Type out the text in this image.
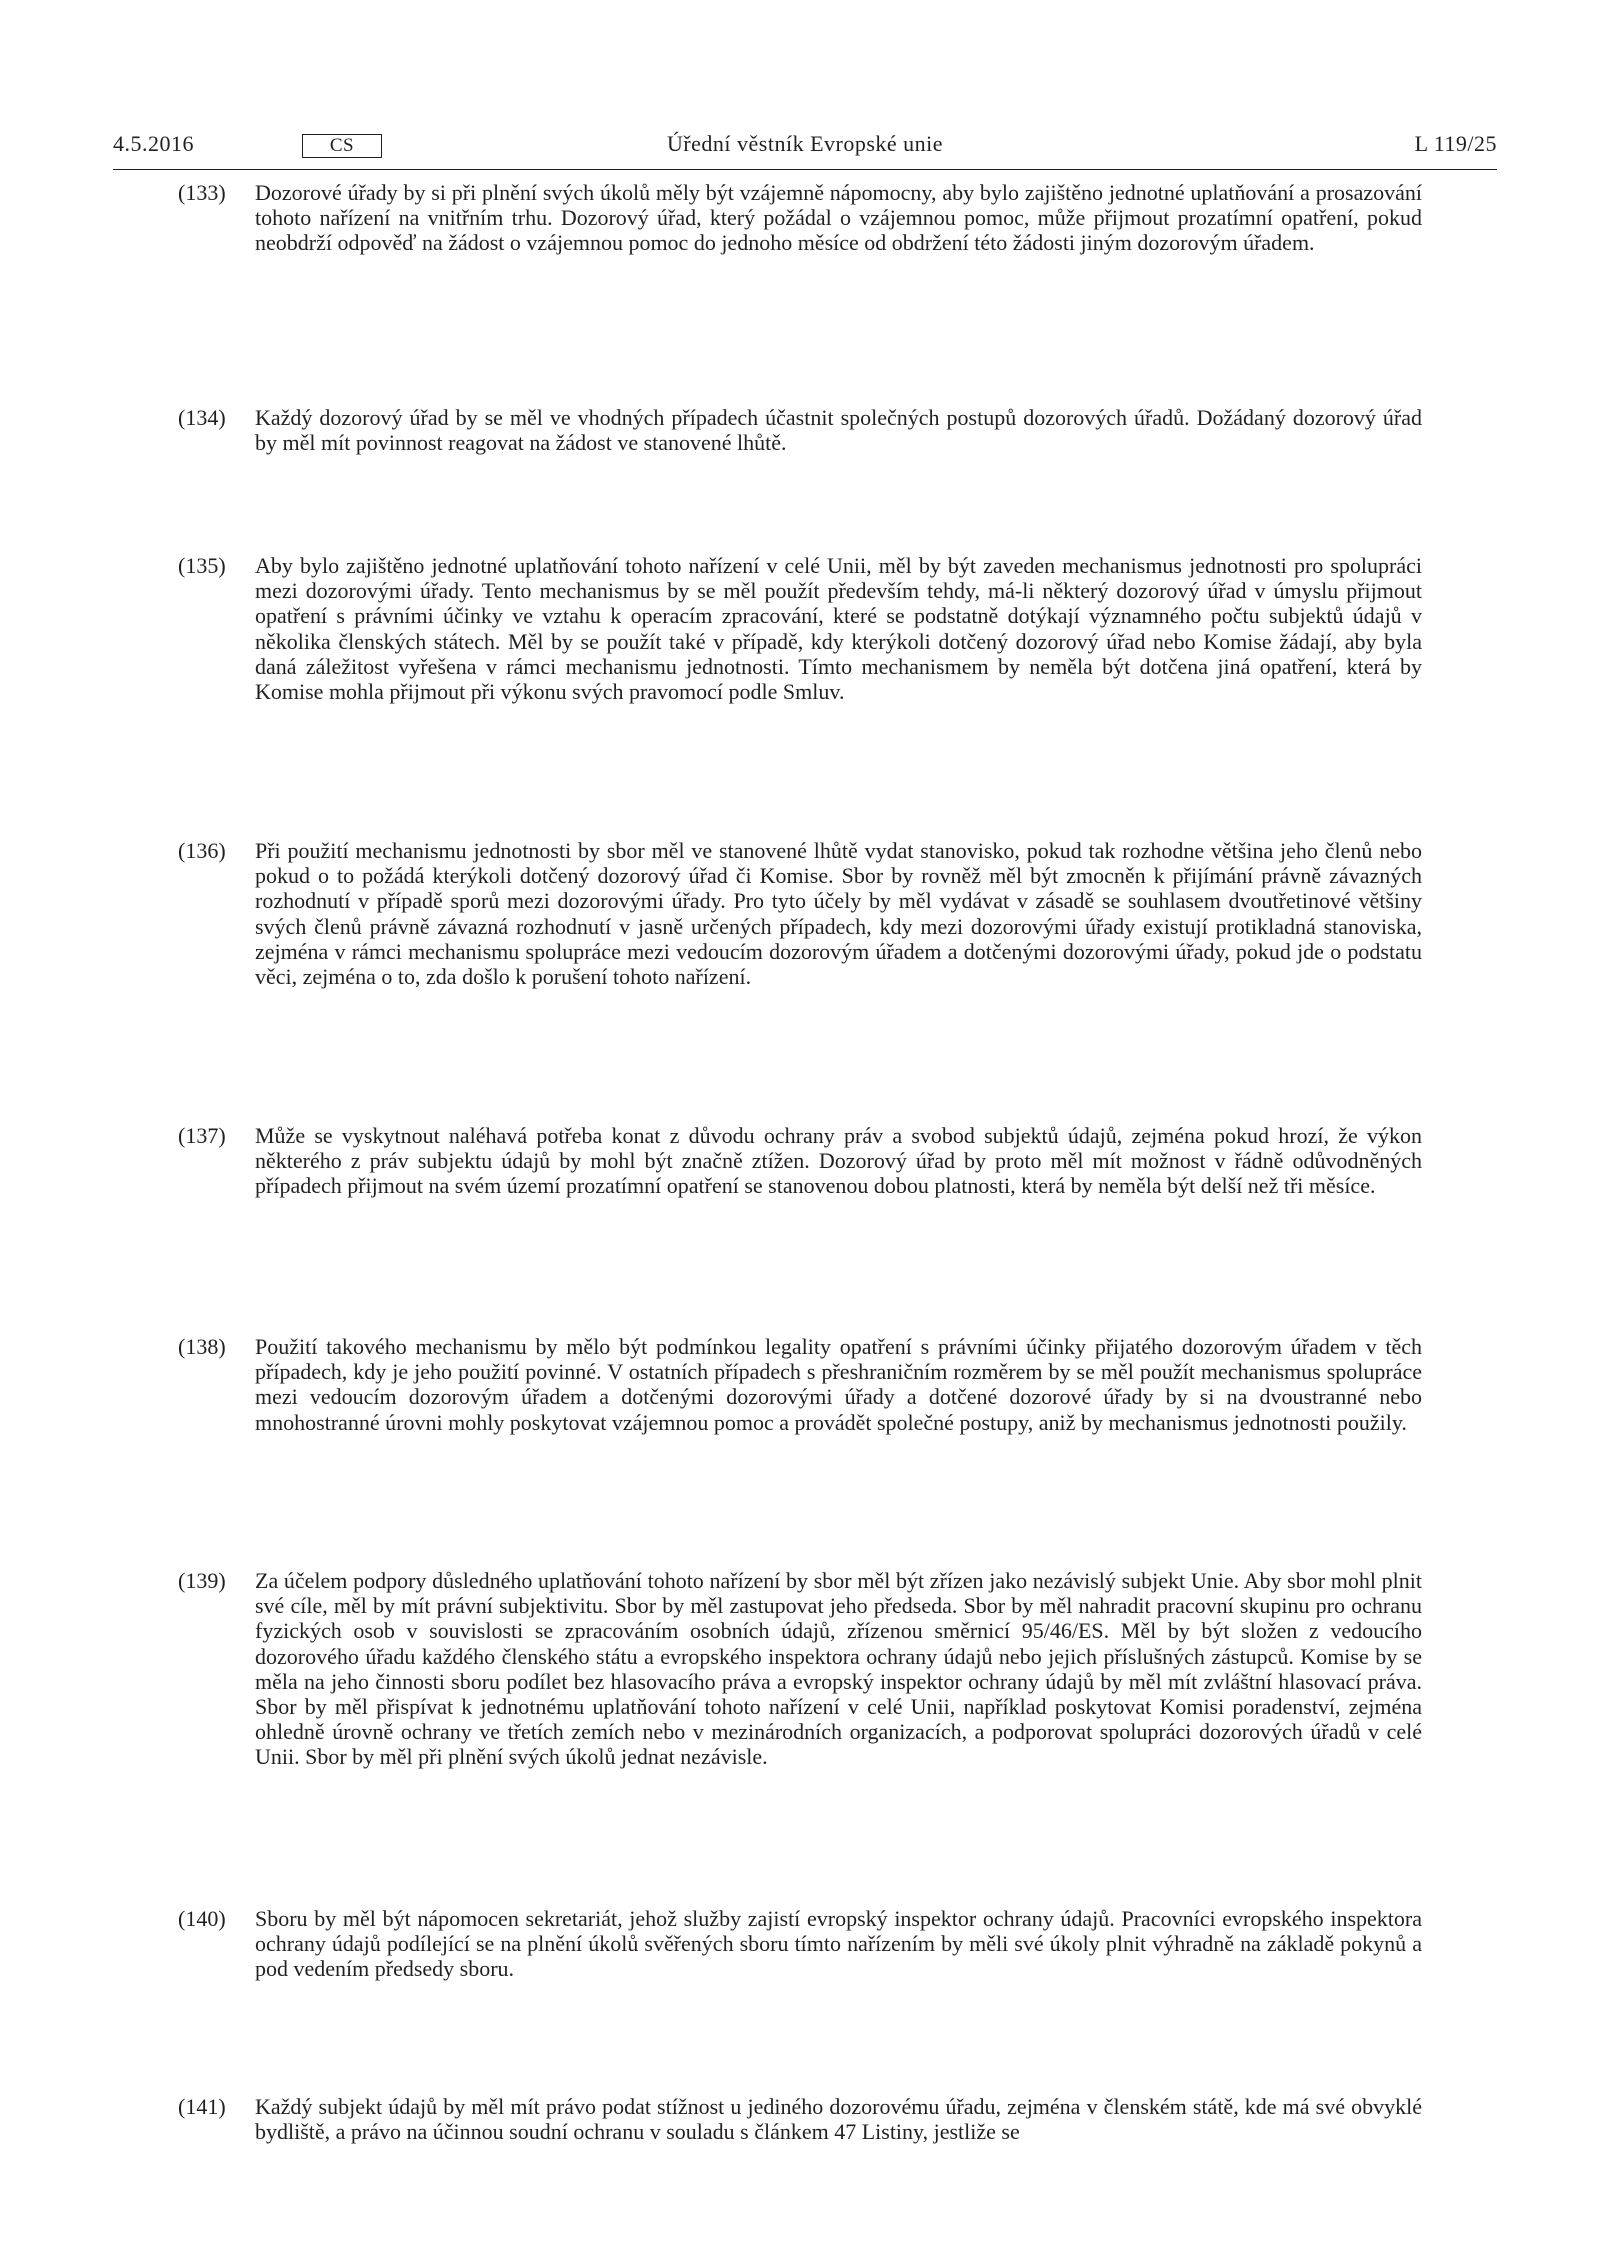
4.5.2016	Úřední věstník Evropské unie
CS	L 119/25
(133) Dozorové úřady by si při plnění svých úkolů měly být vzájemně nápomocny, aby bylo zajištěno jednotné uplatňování a prosazování tohoto nařízení na vnitřním trhu. Dozorový úřad, který požádal o vzájemnou pomoc, může přijmout prozatímní opatření, pokud neobdrží odpověď na žádost o vzájemnou pomoc do jednoho měsíce od obdržení této žádosti jiným dozorovým úřadem.
(134) Každý dozorový úřad by se měl ve vhodných případech účastnit společných postupů dozorových úřadů. Dožádaný dozorový úřad by měl mít povinnost reagovat na žádost ve stanovené lhůtě.
(135) Aby bylo zajištěno jednotné uplatňování tohoto nařízení v celé Unii, měl by být zaveden mechanismus jednotnosti pro spolupráci mezi dozorovými úřady. Tento mechanismus by se měl použít především tehdy, má-li některý dozorový úřad v úmyslu přijmout opatření s právními účinky ve vztahu k operacím zpracování, které se podstatně dotýkají významného počtu subjektů údajů v několika členských státech. Měl by se použít také v případě, kdy kterýkoli dotčený dozorový úřad nebo Komise žádají, aby byla daná záležitost vyřešena v rámci mechanismu jednotnosti. Tímto mechanismem by neměla být dotčena jiná opatření, která by Komise mohla přijmout při výkonu svých pravomocí podle Smluv.
(136) Při použití mechanismu jednotnosti by sbor měl ve stanovené lhůtě vydat stanovisko, pokud tak rozhodne většina jeho členů nebo pokud o to požádá kterýkoli dotčený dozorový úřad či Komise. Sbor by rovněž měl být zmocněn k přijímání právně závazných rozhodnutí v případě sporů mezi dozorovými úřady. Pro tyto účely by měl vydávat v zásadě se souhlasem dvoutřetinové většiny svých členů právně závazná rozhodnutí v jasně určených případech, kdy mezi dozorovými úřady existují protikladná stanoviska, zejména v rámci mechanismu spolupráce mezi vedoucím dozorovým úřadem a dotčenými dozorovými úřady, pokud jde o podstatu věci, zejména o to, zda došlo k porušení tohoto nařízení.
(137) Může se vyskytnout naléhavá potřeba konat z důvodu ochrany práv a svobod subjektů údajů, zejména pokud hrozí, že výkon některého z práv subjektu údajů by mohl být značně ztížen. Dozorový úřad by proto měl mít možnost v řádně odůvodněných případech přijmout na svém území prozatímní opatření se stanovenou dobou platnosti, která by neměla být delší než tři měsíce.
(138) Použití takového mechanismu by mělo být podmínkou legality opatření s právními účinky přijatého dozorovým úřadem v těch případech, kdy je jeho použití povinné. V ostatních případech s přeshraničním rozměrem by se měl použít mechanismus spolupráce mezi vedoucím dozorovým úřadem a dotčenými dozorovými úřady a dotčené dozorové úřady by si na dvoustranné nebo mnohostranné úrovni mohly poskytovat vzájemnou pomoc a provádět společné postupy, aniž by mechanismus jednotnosti použily.
(139) Za účelem podpory důsledného uplatňování tohoto nařízení by sbor měl být zřízen jako nezávislý subjekt Unie. Aby sbor mohl plnit své cíle, měl by mít právní subjektivitu. Sbor by měl zastupovat jeho předseda. Sbor by měl nahradit pracovní skupinu pro ochranu fyzických osob v souvislosti se zpracováním osobních údajů, zřízenou směrnicí 95/46/ES. Měl by být složen z vedoucího dozorového úřadu každého členského státu a evropského inspektora ochrany údajů nebo jejich příslušných zástupců. Komise by se měla na jeho činnosti sboru podílet bez hlasovacího práva a evropský inspektor ochrany údajů by měl mít zvláštní hlasovací práva. Sbor by měl přispívat k jednotnému uplatňování tohoto nařízení v celé Unii, například poskytovat Komisi poradenství, zejména ohledně úrovně ochrany ve třetích zemích nebo v mezinárodních organizacích, a podporovat spolupráci dozorových úřadů v celé Unii. Sbor by měl při plnění svých úkolů jednat nezávisle.
(140) Sboru by měl být nápomocen sekretariát, jehož služby zajistí evropský inspektor ochrany údajů. Pracovníci evropského inspektora ochrany údajů podílející se na plnění úkolů svěřených sboru tímto nařízením by měli své úkoly plnit výhradně na základě pokynů a pod vedením předsedy sboru.
(141) Každý subjekt údajů by měl mít právo podat stížnost u jediného dozorovému úřadu, zejména v členském státě, kde má své obvyklé bydliště, a právo na účinnou soudní ochranu v souladu s článkem 47 Listiny, jestliže se
